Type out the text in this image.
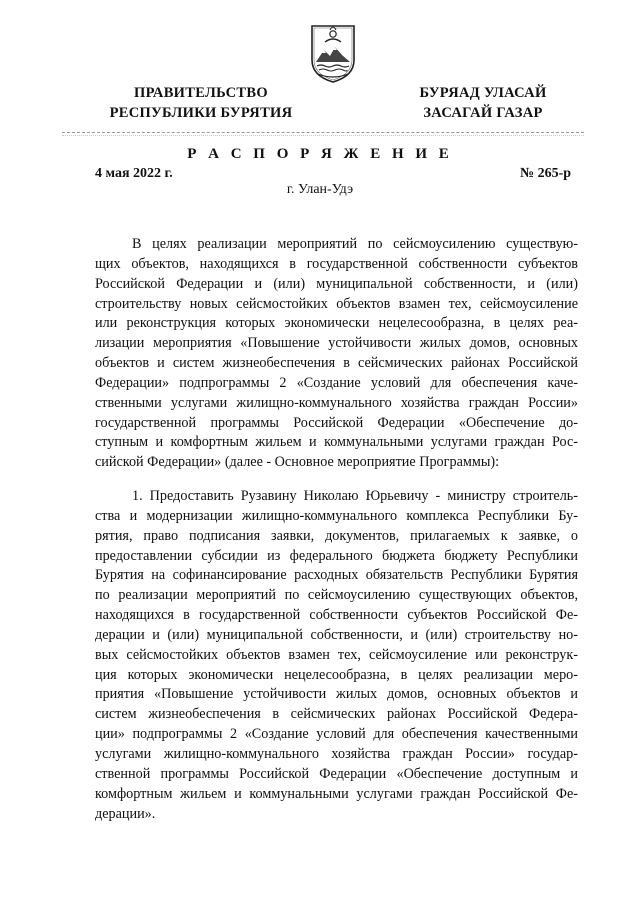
ПРАВИТЕЛЬСТВО
РЕСПУБЛИКИ БУРЯТИЯ
БУРЯАД УЛАСАЙ
ЗАСАГАЙ ГАЗАР
Р А С П О Р Я Ж Е Н И Е
4 мая 2022 г.	№ 265-р
г. Улан-Удэ
В целях реализации мероприятий по сейсмоусилению существую-
щих объектов, находящихся в государственной собственности субъектов
Российской Федерации и (или) муниципальной собственности, и (или)
строительству новых сейсмостойких объектов взамен тех, сейсмоусиление
или реконструкция которых экономически нецелесообразна, в целях реа-
лизации мероприятия «Повышение устойчивости жилых домов, основных
объектов и систем жизнеобеспечения в сейсмических районах Российской
Федерации» подпрограммы 2 «Создание условий для обеспечения каче-
ственными услугами жилищно-коммунального хозяйства граждан России»
государственной программы Российской Федерации «Обеспечение до-
ступным и комфортным жильем и коммунальными услугами граждан Рос-
сийской Федерации» (далее - Основное мероприятие Программы):
1. Предоставить Рузавину Николаю Юрьевичу - министру строитель-
ства и модернизации жилищно-коммунального комплекса Республики Бу-
рятия, право подписания заявки, документов, прилагаемых к заявке, о
предоставлении субсидии из федерального бюджета бюджету Республики
Бурятия на софинансирование расходных обязательств Республики Бурятия
по реализации мероприятий по сейсмоусилению существующих объектов,
находящихся в государственной собственности субъектов Российской Фе-
дерации и (или) муниципальной собственности, и (или) строительству но-
вых сейсмостойких объектов взамен тех, сейсмоусиление или реконструк-
ция которых экономически нецелесообразна, в целях реализации меро-
приятия «Повышение устойчивости жилых домов, основных объектов и
систем жизнеобеспечения в сейсмических районах Российской Федера-
ции» подпрограммы 2 «Создание условий для обеспечения качественными
услугами жилищно-коммунального хозяйства граждан России» государ-
ственной программы Российской Федерации «Обеспечение доступным и
комфортным жильем и коммунальными услугами граждан Российской Фе-
дерации».
